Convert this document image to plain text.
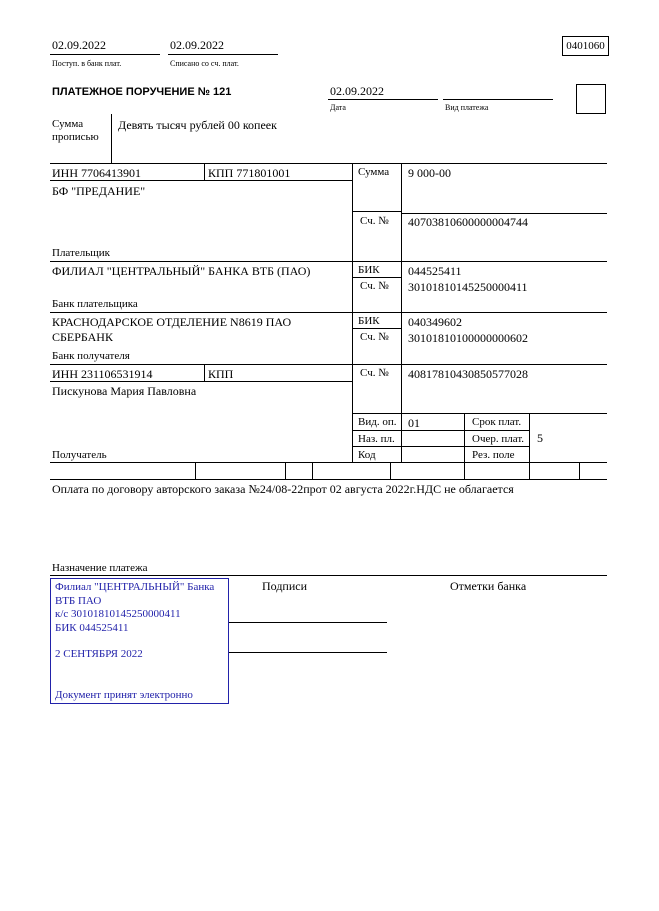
02.09.2022
Поступ. в банк плат.
02.09.2022
Списано со сч. плат.
0401060
ПЛАТЕЖНОЕ ПОРУЧЕНИЕ № 121	02.09.2022
Дата	Вид платежа
Сумма
прописью
Девять тысяч рублей 00 копеек
ИНН 7706413901	КПП 771801001
БФ "ПРЕДАНИЕ"
Плательщик
Сумма 9 000-00
Сч. № 40703810600000004744
ФИЛИАЛ "ЦЕНТРАЛЬНЫЙ" БАНКА ВТБ (ПАО)
Банк плательщика
БИК 044525411
Сч. № 30101810145250000411
КРАСНОДАРСКОЕ ОТДЕЛЕНИЕ N8619 ПАО
СБЕРБАНК
Банк получателя
БИК 040349602
Сч. № 30101810100000000602
ИНН 231106531914	КПП
Пискунова Мария Павловна
Получатель
Сч. № 40817810430850577028
Вид. оп. 01	Срок плат.
Наз. пл.	Очер. плат. 5
Код	Рез. поле
Оплата по договору авторского заказа №24/08-22прот 02 августа 2022г.НДС не облагается
Назначение платежа
Подписи	Отметки банка
Филиал "ЦЕНТРАЛЬНЫЙ" Банка
ВТБ ПАО
к/с 30101810145250000411
БИК 044525411
2 СЕНТЯБРЯ 2022
Документ принят электронно
